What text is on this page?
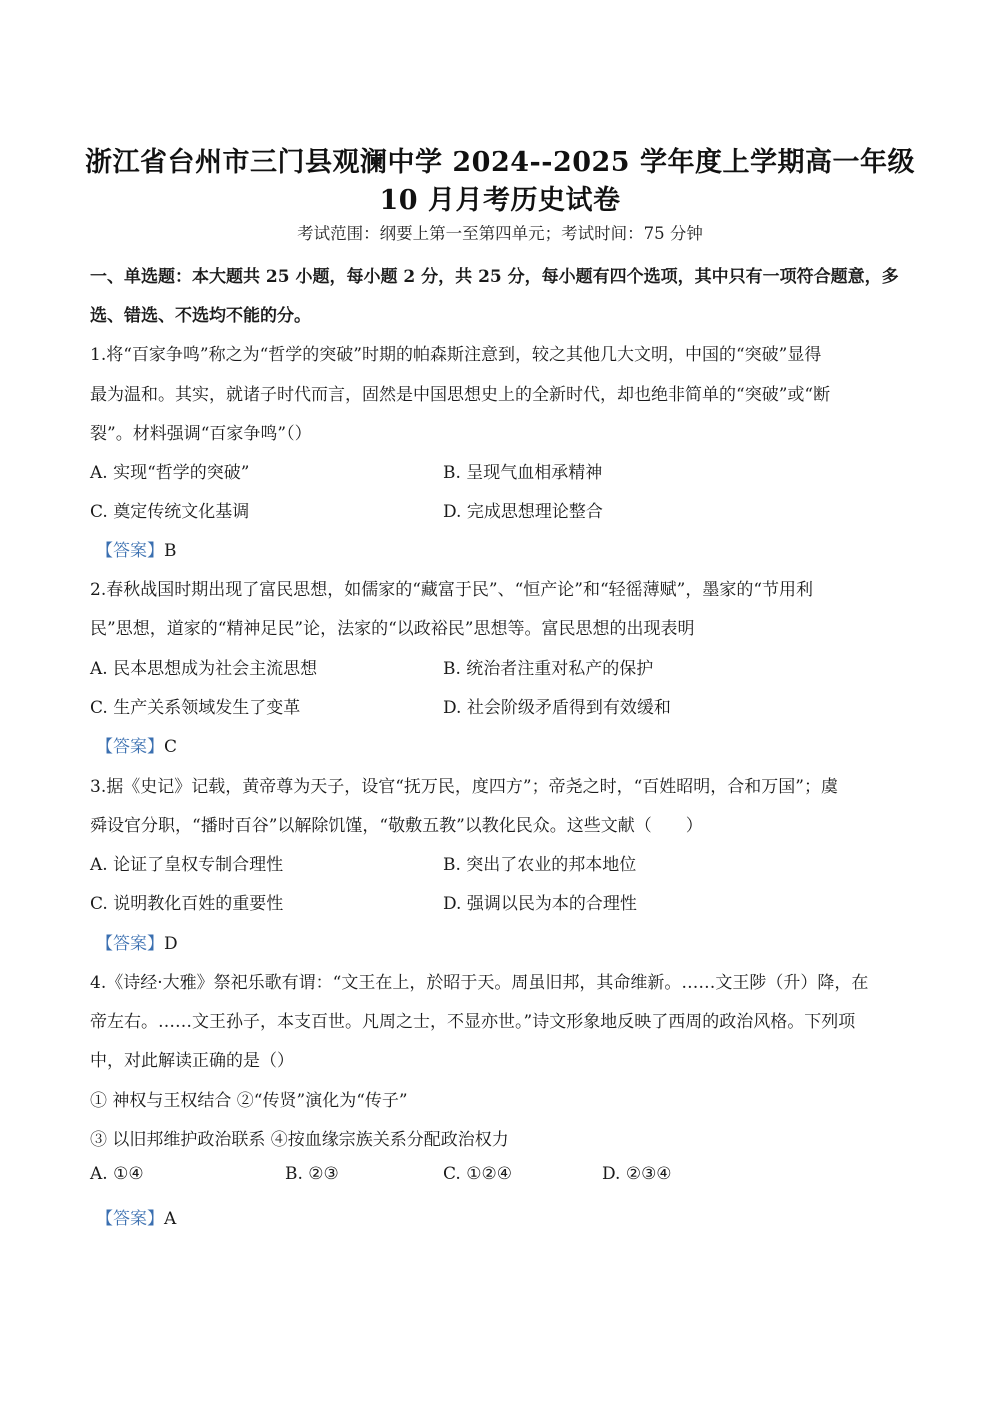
浙江省台州市三门县观澜中学 2024--2025 学年度上学期高一年级
10 月月考历史试卷
考试范围：纲要上第一至第四单元；考试时间：75 分钟
一、单选题：本大题共 25 小题，每小题 2 分，共 25 分，每小题有四个选项，其中只有一项符合题意，多
选、错选、不选均不能的分。
1.将“百家争鸣”称之为“哲学的突破”时期的帕森斯注意到，较之其他几大文明，中国的“突破”显得
最为温和。其实，就诸子时代而言，固然是中国思想史上的全新时代，却也绝非简单的“突破”或“断
裂”。材料强调“百家争鸣”（）
A. 实现“哲学的突破”	B. 呈现气血相承精神
C. 奠定传统文化基调	D. 完成思想理论整合
【答案】B
2.春秋战国时期出现了富民思想，如儒家的“藏富于民”、“恒产论”和“轻徭薄赋”，墨家的“节用利
民”思想，道家的“精神足民”论，法家的“以政裕民”思想等。富民思想的出现表明
A. 民本思想成为社会主流思想	B. 统治者注重对私产的保护
C. 生产关系领域发生了变革	D. 社会阶级矛盾得到有效缓和
【答案】C
3.据《史记》记载，黄帝尊为天子，设官“抚万民，度四方”；帝尧之时，“百姓昭明，合和万国”；虞
舜设官分职，“播时百谷”以解除饥馑，“敬敷五教”以教化民众。这些文献（　　）
A. 论证了皇权专制合理性	B. 突出了农业的邦本地位
C. 说明教化百姓的重要性	D. 强调以民为本的合理性
【答案】D
4.《诗经·大雅》祭祀乐歌有谓：“文王在上，於昭于天。周虽旧邦，其命维新。……文王陟（升）降，在
帝左右。……文王孙子，本支百世。凡周之士，不显亦世。”诗文形象地反映了西周的政治风格。下列项
中，对此解读正确的是（）
① 神权与王权结合 ②“传贤”演化为“传子”
③ 以旧邦维护政治联系 ④按血缘宗族关系分配政治权力
A. ①④	B. ②③	C. ①②④	D. ②③④
【答案】A
